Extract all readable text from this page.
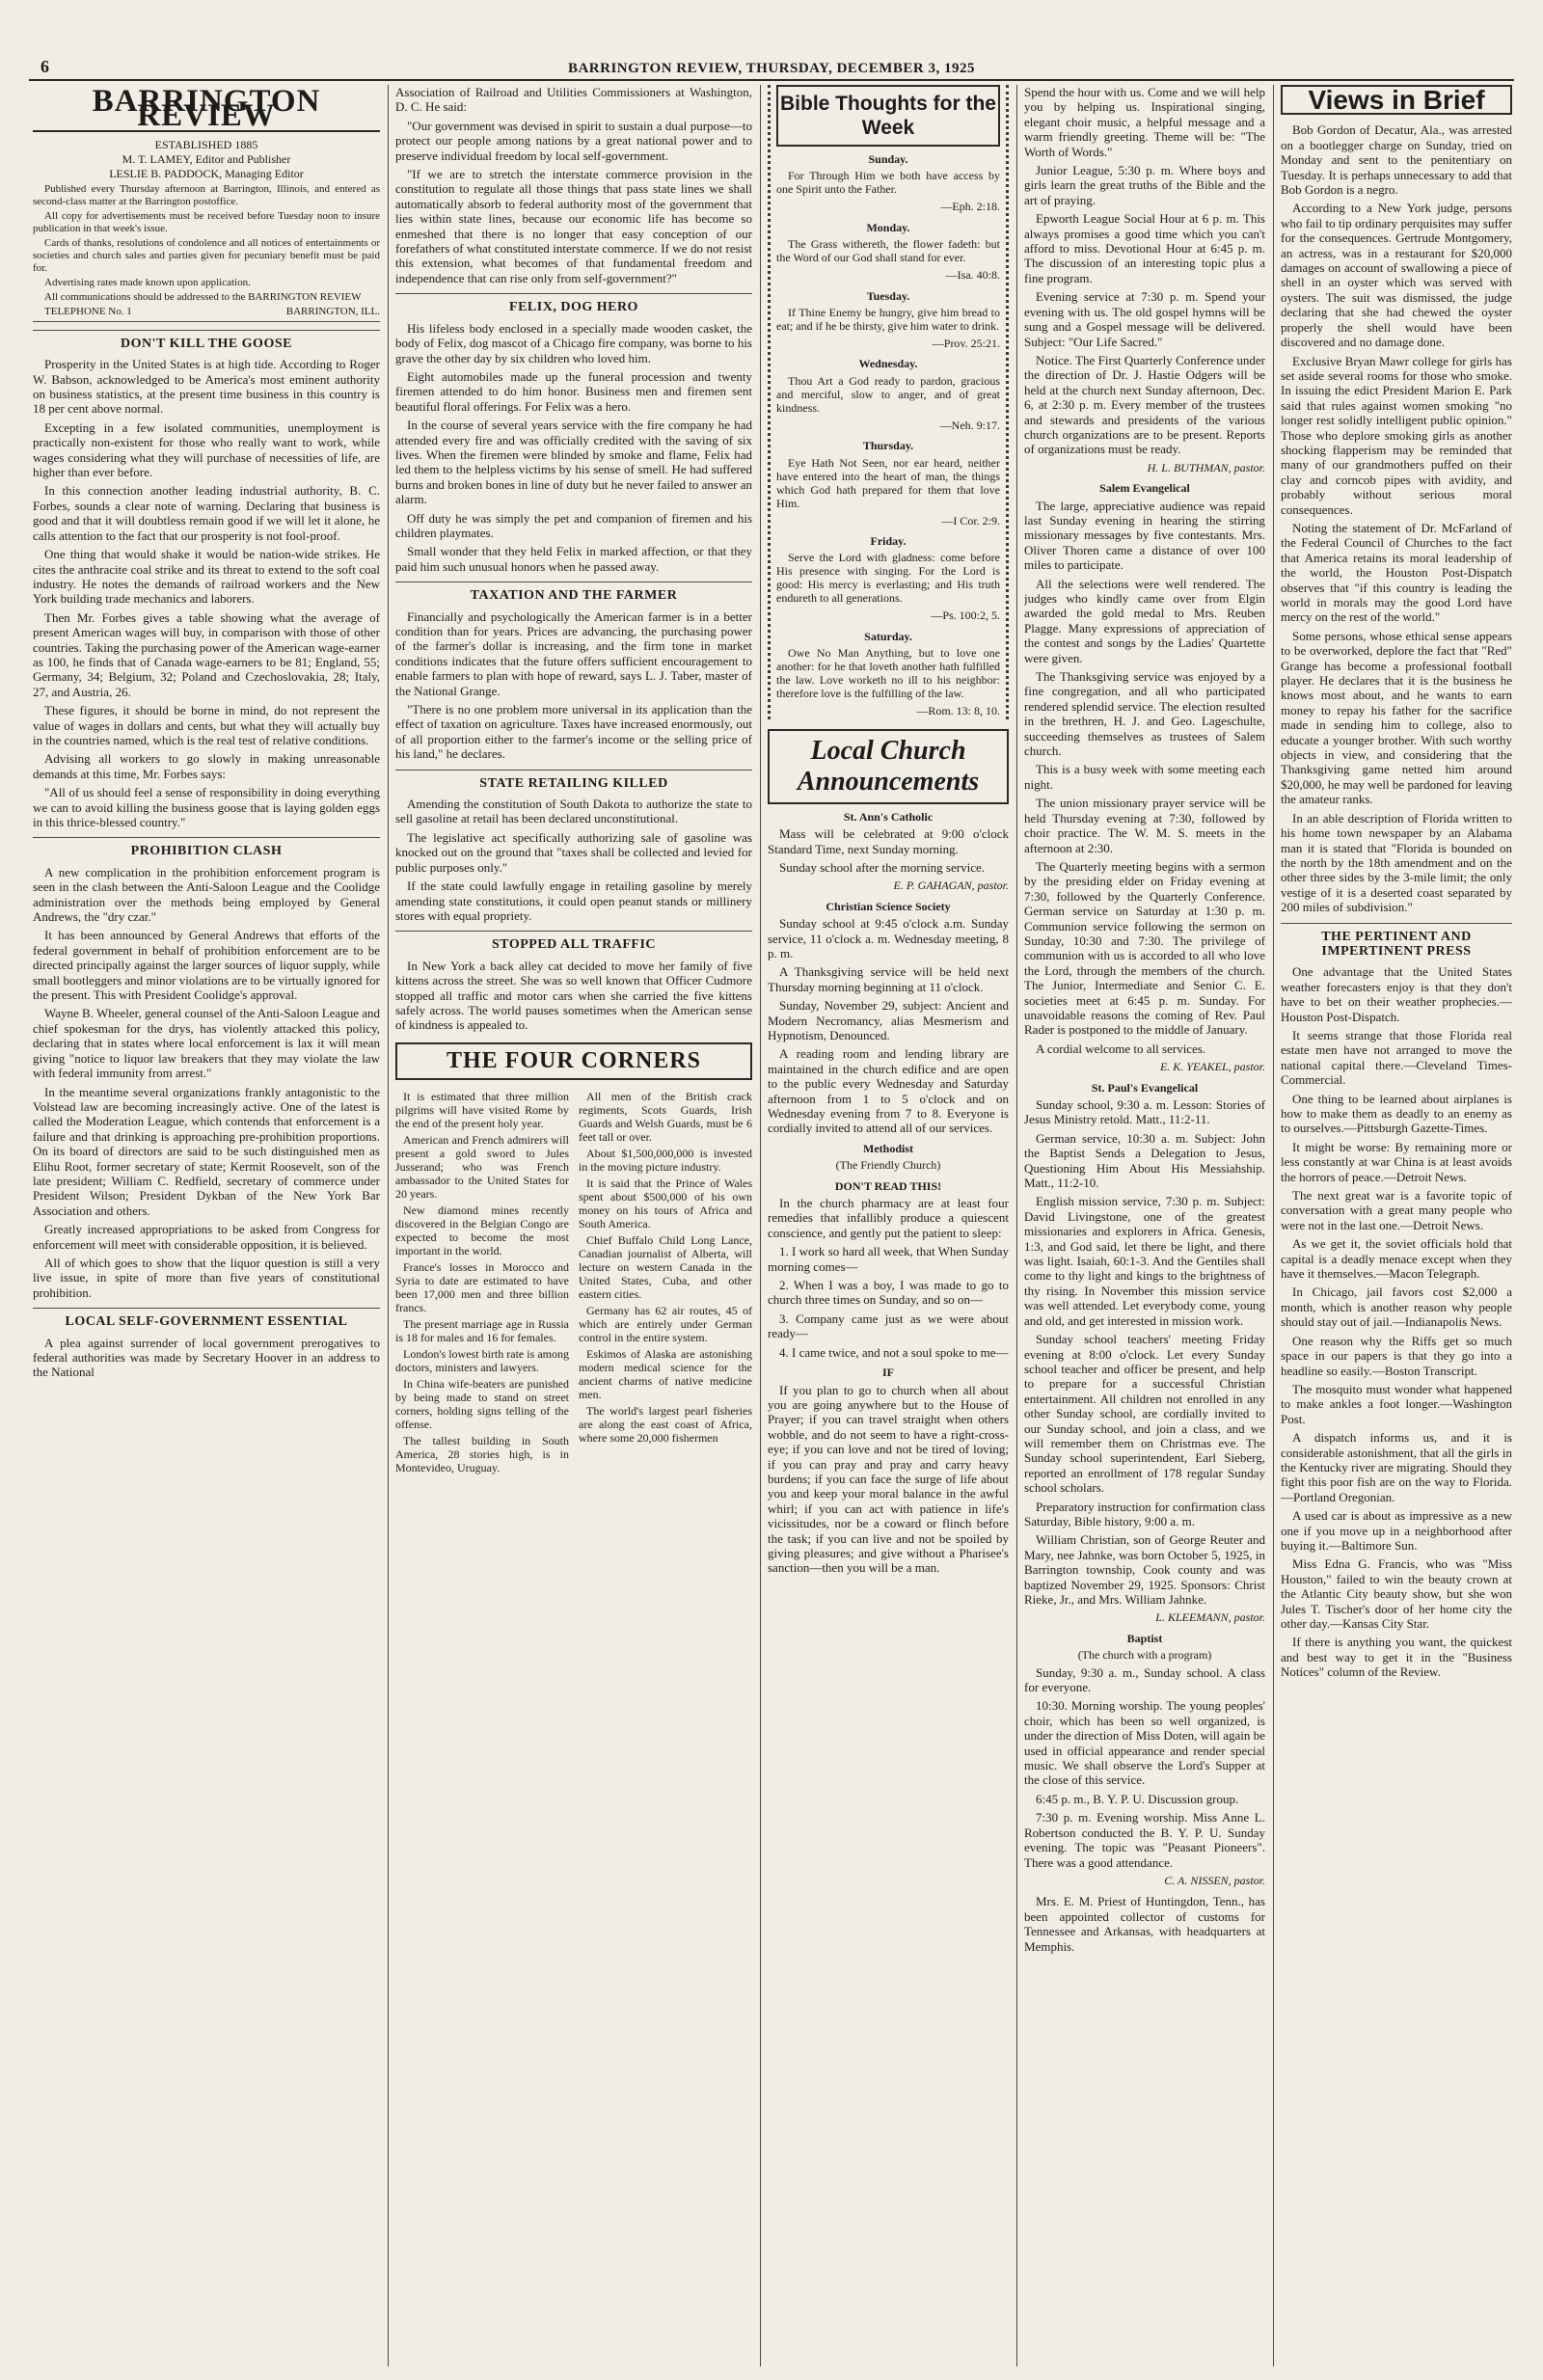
6	BARRINGTON REVIEW, THURSDAY, DECEMBER 3, 1925
BARRINGTON REVIEW
ESTABLISHED 1885
M. T. LAMEY, Editor and Publisher
LESLIE B. PADDOCK, Managing Editor

Published every Thursday afternoon at Barrington, Illinois, and entered as second-class matter at the Barrington postoffice.

All copy for advertisements must be received before Tuesday noon to insure publication in that week's issue.

Cards of thanks, resolutions of condolence and all notices of entertainments or societies and church sales and parties given for pecuniary benefit must be paid for.

Advertising rates made known upon application.

All communications should be addressed to the BARRINGTON REVIEW

TELEPHONE No. 1	BARRINGTON, ILL.

DON'T KILL THE GOOSE

Prosperity in the United States is at high tide. According to Roger W. Babson, acknowledged to be America's most eminent authority on business statistics, at the present time business in this country is 18 per cent above normal.

Excepting in a few isolated communities, unemployment is practically non-existent for those who really want to work, while wages considering what they will purchase of necessities of life, are higher than ever before.

In this connection another leading industrial authority, B. C. Forbes, sounds a clear note of warning. Declaring that business is good and that it will doubtless remain good if we will let it alone, he calls attention to the fact that our prosperity is not fool-proof.

One thing that would shake it would be nation-wide strikes. He cites the anthracite coal strike and its threat to extend to the soft coal industry. He notes the demands of railroad workers and the New York building trade mechanics and laborers.

Then Mr. Forbes gives a table showing what the average of present American wages will buy, in comparison with those of other countries. Taking the purchasing power of the American wage-earner as 100, he finds that of Canada wage-earners to be 81; England, 55; Germany, 34; Belgium, 32; Poland and Czechoslovakia, 28; Italy, 27, and Austria, 26.

These figures, it should be borne in mind, do not represent the value of wages in dollars and cents, but what they will actually buy in the countries named, which is the real test of relative conditions.

Advising all workers to go slowly in making unreasonable demands at this time, Mr. Forbes says:

"All of us should feel a sense of responsibility in doing everything we can to avoid killing the business goose that is laying golden eggs in this thrice-blessed country."

PROHIBITION CLASH

A new complication in the prohibition enforcement program is seen in the clash between the Anti-Saloon League and the Coolidge administration over the methods being employed by General Andrews, the "dry czar."

It has been announced by General Andrews that efforts of the federal government in behalf of prohibition enforcement are to be directed principally against the larger sources of liquor supply, while small bootleggers and minor violations are to be virtually ignored for the present. This with President Coolidge's approval.

Wayne B. Wheeler, general counsel of the Anti-Saloon League and chief spokesman for the drys, has violently attacked this policy, declaring that in states where local enforcement is lax it will mean giving "notice to liquor law breakers that they may violate the law with federal immunity from arrest."

In the meantime several organizations frankly antagonistic to the Volstead law are becoming increasingly active. One of the latest is called the Moderation League, which contends that enforcement is a failure and that drinking is approaching pre-prohibition proportions. On its board of directors are said to be such distinguished men as Elihu Root, former secretary of state; Kermit Roosevelt, son of the late president; William C. Redfield, secretary of commerce under President Wilson; President Dykban of the New York Bar Association and others.

Greatly increased appropriations to be asked from Congress for enforcement will meet with considerable opposition, it is believed.

All of which goes to show that the liquor question is still a very live issue, in spite of more than five years of constitutional prohibition.

LOCAL SELF-GOVERNMENT ESSENTIAL

A plea against surrender of local government prerogatives to federal authorities was made by Secretary Hoover in an address to the National

Association of Railroad and Utilities Commissioners at Washington, D. C. He said:

"Our government was devised in spirit to sustain a dual purpose—to protect our people among nations by a great national power and to preserve individual freedom by local self-government.

"If we are to stretch the interstate commerce provision in the constitution to regulate all those things that pass state lines we shall automatically absorb to federal authority most of the government that lies within state lines, because our economic life has become so enmeshed that there is no longer that easy conception of our forefathers of what constituted interstate commerce. If we do not resist this extension, what becomes of that fundamental freedom and independence that can rise only from self-government?"

FELIX, DOG HERO

His lifeless body enclosed in a specially made wooden casket, the body of Felix, dog mascot of a Chicago fire company, was borne to his grave the other day by six children who loved him.

Eight automobiles made up the funeral procession and twenty firemen attended to do him honor. Business men and firemen sent beautiful floral offerings. For Felix was a hero.

In the course of several years service with the fire company he had attended every fire and was officially credited with the saving of six lives. When the firemen were blinded by smoke and flame, Felix had led them to the helpless victims by his sense of smell. He had suffered burns and broken bones in line of duty but he never failed to answer an alarm.

Off duty he was simply the pet and companion of firemen and his children playmates.

Small wonder that they held Felix in marked affection, or that they paid him such unusual honors when he passed away.

TAXATION AND THE FARMER

Financially and psychologically the American farmer is in a better condition than for years. Prices are advancing, the purchasing power of the farmer's dollar is increasing, and the firm tone in market conditions indicates that the future offers sufficient encouragement to enable farmers to plan with hope of reward, says L. J. Taber, master of the National Grange.

"There is no one problem more universal in its application than the effect of taxation on agriculture. Taxes have increased enormously, out of all proportion either to the farmer's income or the selling price of his land," he declares.

STATE RETAILING KILLED

Amending the constitution of South Dakota to authorize the state to sell gasoline at retail has been declared unconstitutional.

The legislative act specifically authorizing sale of gasoline was knocked out on the ground that "taxes shall be collected and levied for public purposes only."

If the state could lawfully engage in retailing gasoline by merely amending state constitutions, it could open peanut stands or millinery stores with equal propriety.

STOPPED ALL TRAFFIC

In New York a back alley cat decided to move her family of five kittens across the street. She was so well known that Officer Cudmore stopped all traffic and motor cars when she carried the five kittens safely across. The world pauses sometimes when the American sense of kindness is appealed to.

THE FOUR CORNERS

It is estimated that three million pilgrims will have visited Rome by the end of the present holy year.

American and French admirers will present a gold sword to Jules Jusserand; who was French ambassador to the United States for 20 years.

New diamond mines recently discovered in the Belgian Congo are expected to become the most important in the world.

France's losses in Morocco and Syria to date are estimated to have been 17,000 men and three billion francs.

The present marriage age in Russia is 18 for males and 16 for females.

London's lowest birth rate is among doctors, ministers and lawyers.

In China wife-beaters are punished by being made to stand on street corners, holding signs telling of the offense.

The tallest building in South America, 28 stories high, is in Montevideo, Uruguay.

All men of the British crack regiments, Scots Guards, Irish Guards and Welsh Guards, must be 6 feet tall or over.

About $1,500,000,000 is invested in the moving picture industry.

It is said that the Prince of Wales spent about $500,000 of his own money on his tours of Africa and South America.

Chief Buffalo Child Long Lance, Canadian journalist of Alberta, will lecture on western Canada in the United States, Cuba, and other eastern cities.

Germany has 62 air routes, 45 of which are entirely under German control in the entire system.

Eskimos of Alaska are astonishing modern medical science for the ancient charms of native medicine men.

The world's largest pearl fisheries are along the east coast of Africa, where some 20,000 fishermen

Bible Thoughts for the Week
Sunday.

For Through Him we both have access by one Spirit unto the Father.

—Eph. 2:18.

Monday.

The Grass withereth, the flower fadeth: but the Word of our God shall stand for ever.

—Isa. 40:8.

Tuesday.

If Thine Enemy be hungry, give him bread to eat; and if he be thirsty, give him water to drink.

—Prov. 25:21.

Wednesday.

Thou Art a God ready to pardon, gracious and merciful, slow to anger, and of great kindness.

—Neh. 9:17.

Thursday.

Eye Hath Not Seen, nor ear heard, neither have entered into the heart of man, the things which God hath prepared for them that love Him.

—I Cor. 2:9.

Friday.

Serve the Lord with gladness: come before His presence with singing. For the Lord is good: His mercy is everlasting; and His truth endureth to all generations.

—Ps. 100:2, 5.

Saturday.

Owe No Man Anything, but to love one another: for he that loveth another hath fulfilled the law. Love worketh no ill to his neighbor: therefore love is the fulfilling of the law.

—Rom. 13: 8, 10.

Local Church Announcements
St. Ann's Catholic

Mass will be celebrated at 9:00 o'clock Standard Time, next Sunday morning.

Sunday school after the morning service.

E. P. GAHAGAN, pastor.
Christian Science Society

Sunday school at 9:45 o'clock a.m. Sunday service, 11 o'clock a. m. Wednesday meeting, 8 p. m.

A Thanksgiving service will be held next Thursday morning beginning at 11 o'clock.

Sunday, November 29, subject: Ancient and Modern Necromancy, alias Mesmerism and Hypnotism, Denounced.

A reading room and lending library are maintained in the church edifice and are open to the public every Wednesday and Saturday afternoon from 1 to 5 o'clock and on Wednesday evening from 7 to 8. Everyone is cordially invited to attend all of our services.

Methodist
(The Friendly Church)
DON'T READ THIS!

In the church pharmacy are at least four remedies that infallibly produce a quiescent conscience, and gently put the patient to sleep:

1. I work so hard all week, that When Sunday morning comes—

2. When I was a boy, I was made to go to church three times on Sunday, and so on—

3. Company came just as we were about ready—

4. I came twice, and not a soul spoke to me—

IF

If you plan to go to church when all about you are going anywhere but to the House of Prayer; if you can travel straight when others wobble, and do not seem to have a right-cross-eye; if you can love and not be tired of loving; if you can pray and pray and carry heavy burdens; if you can face the surge of life about you and keep your moral balance in the awful whirl; if you can act with patience in life's vicissitudes, nor be a coward or flinch before the task; if you can live and not be spoiled by giving pleasures; and give without a Pharisee's sanction—then you will be a man.

Spend the hour with us. Come and we will help you by helping us. Inspirational singing, elegant choir music, a helpful message and a warm friendly greeting. Theme will be: "The Worth of Words."

Junior League, 5:30 p. m. Where boys and girls learn the great truths of the Bible and the art of praying.

Epworth League Social Hour at 6 p. m. This always promises a good time which you can't afford to miss. Devotional Hour at 6:45 p. m. The discussion of an interesting topic plus a fine program.

Evening service at 7:30 p. m. Spend your evening with us. The old gospel hymns will be sung and a Gospel message will be delivered. Subject: "Our Life Sacred."

Notice. The First Quarterly Conference under the direction of Dr. J. Hastie Odgers will be held at the church next Sunday afternoon, Dec. 6, at 2:30 p. m. Every member of the trustees and stewards and presidents of the various church organizations are to be present. Reports of organizations must be ready.

H. L. BUTHMAN, pastor.
Salem Evangelical

The large, appreciative audience was repaid last Sunday evening in hearing the stirring missionary messages by five contestants. Mrs. Oliver Thoren came a distance of over 100 miles to participate.

All the selections were well rendered. The judges who kindly came over from Elgin awarded the gold medal to Mrs. Reuben Plagge. Many expressions of appreciation of the contest and songs by the Ladies' Quartette were given.

The Thanksgiving service was enjoyed by a fine congregation, and all who participated rendered splendid service. The election resulted in the brethren, H. J. and Geo. Lageschulte, succeeding themselves as trustees of Salem church.

This is a busy week with some meeting each night.

The union missionary prayer service will be held Thursday evening at 7:30, followed by choir practice. The W. M. S. meets in the afternoon at 2:30.

The Quarterly meeting begins with a sermon by the presiding elder on Friday evening at 7:30, followed by the Quarterly Conference. German service on Saturday at 1:30 p. m. Communion service following the sermon on Sunday, 10:30 and 7:30. The privilege of communion with us is accorded to all who love the Lord, through the members of the church. The Junior, Intermediate and Senior C. E. societies meet at 6:45 p. m. Sunday. For unavoidable reasons the coming of Rev. Paul Rader is postponed to the middle of January.

A cordial welcome to all services.

E. K. YEAKEL, pastor.
St. Paul's Evangelical

Sunday school, 9:30 a. m. Lesson: Stories of Jesus Ministry retold. Matt., 11:2-11.

German service, 10:30 a. m. Subject: John the Baptist Sends a Delegation to Jesus, Questioning Him About His Messiahship. Matt., 11:2-10.

English mission service, 7:30 p. m. Subject: David Livingstone, one of the greatest missionaries and explorers in Africa. Genesis, 1:3, and God said, let there be light, and there was light. Isaiah, 60:1-3. And the Gentiles shall come to thy light and kings to the brightness of thy rising. In November this mission service was well attended. Let everybody come, young and old, and get interested in mission work.

Sunday school teachers' meeting Friday evening at 8:00 o'clock. Let every Sunday school teacher and officer be present, and help to prepare for a successful Christian entertainment. All children not enrolled in any other Sunday school, are cordially invited to our Sunday school, and join a class, and we will remember them on Christmas eve. The Sunday school superintendent, Earl Sieberg, reported an enrollment of 178 regular Sunday school scholars.

Preparatory instruction for confirmation class Saturday, Bible history, 9:00 a. m.

William Christian, son of George Reuter and Mary, nee Jahnke, was born October 5, 1925, in Barrington township, Cook county and was baptized November 29, 1925. Sponsors: Christ Rieke, Jr., and Mrs. William Jahnke.

L. KLEEMANN, pastor.
Baptist
(The church with a program)

Sunday, 9:30 a. m., Sunday school. A class for everyone.

10:30. Morning worship. The young peoples' choir, which has been so well organized, is under the direction of Miss Doten, will again be used in official appearance and render special music. We shall observe the Lord's Supper at the close of this service.

6:45 p. m., B. Y. P. U. Discussion group.

7:30 p. m. Evening worship. Miss Anne L. Robertson conducted the B. Y. P. U. Sunday evening. The topic was "Peasant Pioneers". There was a good attendance.

C. A. NISSEN, pastor.

Mrs. E. M. Priest of Huntingdon, Tenn., has been appointed collector of customs for Tennessee and Arkansas, with headquarters at Memphis.

Views in Brief

Bob Gordon of Decatur, Ala., was arrested on a bootlegger charge on Sunday, tried on Monday and sent to the penitentiary on Tuesday. It is perhaps unnecessary to add that Bob Gordon is a negro.

According to a New York judge, persons who fail to tip ordinary perquisites may suffer for the consequences. Gertrude Montgomery, an actress, was in a restaurant for $20,000 damages on account of swallowing a piece of shell in an oyster which was served with oysters. The suit was dismissed, the judge declaring that she had chewed the oyster properly the shell would have been discovered and no damage done.

Exclusive Bryan Mawr college for girls has set aside several rooms for those who smoke. In issuing the edict President Marion E. Park said that rules against women smoking "no longer rest solidly intelligent public opinion." Those who deplore smoking girls as another shocking flapperism may be reminded that many of our grandmothers puffed on their clay and corncob pipes with avidity, and probably without serious moral consequences.

Noting the statement of Dr. McFarland of the Federal Council of Churches to the fact that America retains its moral leadership of the world, the Houston Post-Dispatch observes that "if this country is leading the world in morals may the good Lord have mercy on the rest of the world."

Some persons, whose ethical sense appears to be overworked, deplore the fact that "Red" Grange has become a professional football player. He declares that it is the business he knows most about, and he wants to earn money to repay his father for the sacrifice made in sending him to college, also to educate a younger brother. With such worthy objects in view, and considering that the Thanksgiving game netted him around $20,000, he may well be pardoned for leaving the amateur ranks.

In an able description of Florida written to his home town newspaper by an Alabama man it is stated that "Florida is bounded on the north by the 18th amendment and on the other three sides by the 3-mile limit; the only vestige of it is a deserted coast separated by 200 miles of subdivision."

THE PERTINENT AND IMPERTINENT PRESS

One advantage that the United States weather forecasters enjoy is that they don't have to bet on their weather prophecies.—Houston Post-Dispatch.

It seems strange that those Florida real estate men have not arranged to move the national capital there.—Cleveland Times-Commercial.

One thing to be learned about airplanes is how to make them as deadly to an enemy as to ourselves.—Pittsburgh Gazette-Times.

It might be worse: By remaining more or less constantly at war China is at least avoids the horrors of peace.—Detroit News.

The next great war is a favorite topic of conversation with a great many people who were not in the last one.—Detroit News.

As we get it, the soviet officials hold that capital is a deadly menace except when they have it themselves.—Macon Telegraph.

In Chicago, jail favors cost $2,000 a month, which is another reason why people should stay out of jail.—Indianapolis News.

One reason why the Riffs get so much space in our papers is that they go into a headline so easily.—Boston Transcript.

The mosquito must wonder what happened to make ankles a foot longer.—Washington Post.

A dispatch informs us, and it is considerable astonishment, that all the girls in the Kentucky river are migrating. Should they fight this poor fish are on the way to Florida.—Portland Oregonian.

A used car is about as impressive as a new one if you move up in a neighborhood after buying it.—Baltimore Sun.

Miss Edna G. Francis, who was "Miss Houston," failed to win the beauty crown at the Atlantic City beauty show, but she won Jules T. Tischer's door of her home city the other day.—Kansas City Star.

If there is anything you want, the quickest and best way to get it in the "Business Notices" column of the Review.
